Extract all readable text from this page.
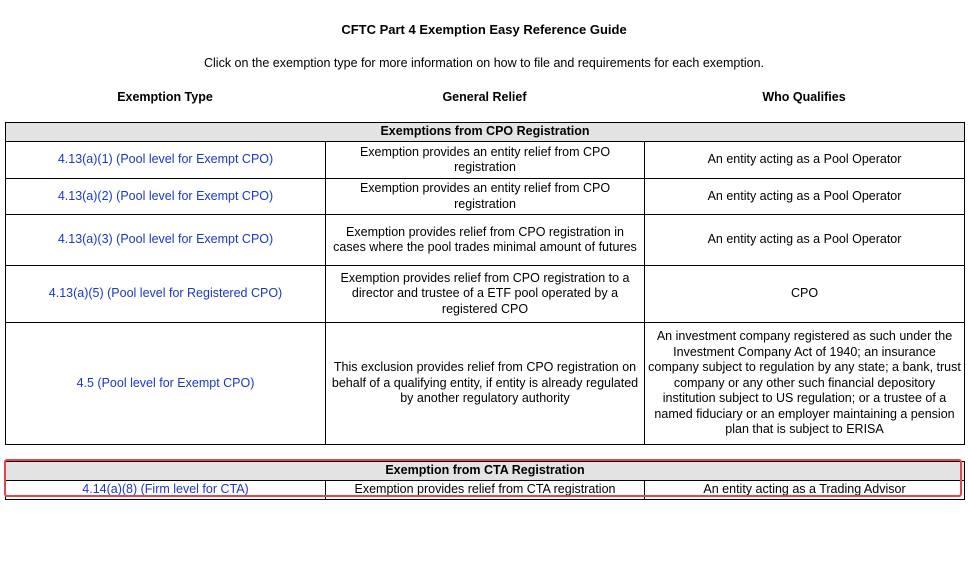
CFTC Part 4 Exemption Easy Reference Guide
Click on the exemption type for more information on how to file and requirements for each exemption.
Exemption Type	General Relief	Who Qualifies
Exemptions from CPO Registration		
4.13(a)(1) (Pool level for Exempt CPO)	Exemption provides an entity relief from CPO registration	An entity acting as a Pool Operator
4.13(a)(2) (Pool level for Exempt CPO)	Exemption provides an entity relief from CPO registration	An entity acting as a Pool Operator
4.13(a)(3) (Pool level for Exempt CPO)	Exemption provides relief from CPO registration in cases where the pool trades minimal amount of futures	An entity acting as a Pool Operator
4.13(a)(5) (Pool level for Registered CPO)	Exemption provides relief from CPO registration to a director and trustee of a ETF pool operated by a registered CPO	CPO
4.5 (Pool level for Exempt CPO)	This exclusion provides relief from CPO registration on behalf of a qualifying entity, if entity is already regulated by another regulatory authority	An investment company registered as such under the Investment Company Act of 1940; an insurance company subject to regulation by any state; a bank, trust company or any other such financial depository institution subject to US regulation; or a trustee of a named fiduciary or an employer maintaining a pension plan that is subject to ERISA
Exemption from CTA Registration
4.14(a)(8) (Firm level for CTA)	Exemption provides relief from CTA registration	An entity acting as a Trading Advisor
